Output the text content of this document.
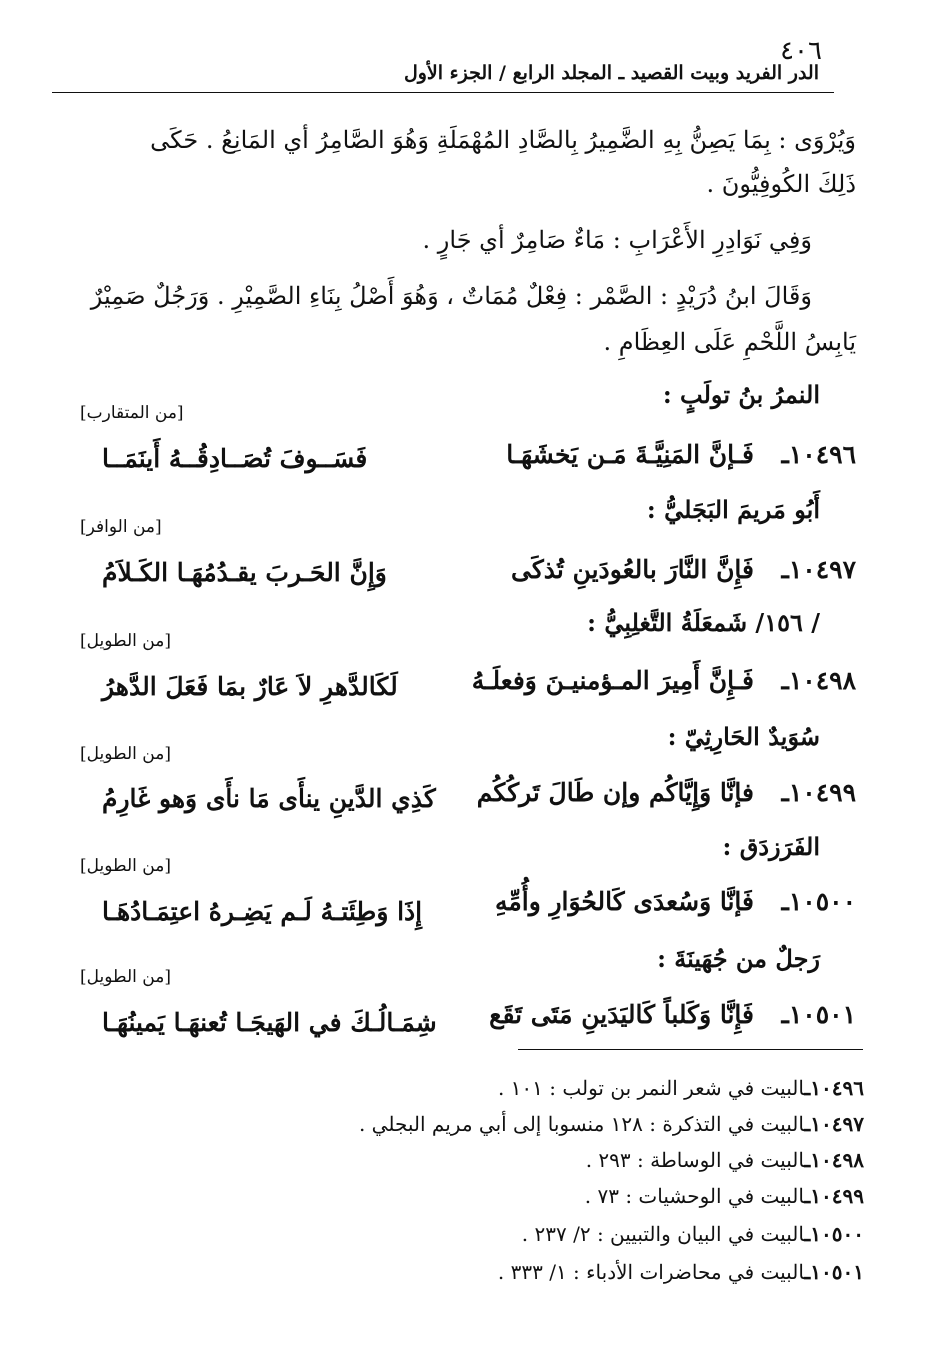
٤٠٦
الدر الفريد وبيت القصيد ـ المجلد الرابع / الجزء الأول
وَيُرْوَى : بِمَا يَصِنُّ بِهِ الضَّمِيرُ بِالصَّادِ المُهْمَلَةِ وَهُوَ الصَّامِرُ أي المَانِعُ . حَكَى
ذَلِكَ الكُوفِيُّونَ .
وَفِي نَوَادِرِ الأَعْرَابِ : مَاءٌ صَامِرٌ أي جَارٍ .
وَقَالَ ابنُ دُرَيْدٍ : الصَّمْر : فِعْلٌ مُمَاتٌ ، وَهُوَ أَصْلُ بِنَاءِ الصَّمِيْرِ . وَرَجُلٌ صَمِيْرٌ
يَابِسُ اللَّحْمِ عَلَى العِظَامِ .
النمرُ بنُ تولَبٍ :
[من المتقارب]
١٠٤٩٦ـ
فَـإنَّ المَنِيَّـةَ مَـن يَخشَهَـا
فَسَــوفَ تُصَــادِقُــهُ أَينَمَــا
أَبُو مَريمَ البَجَليُّ :
[من الوافر]
١٠٤٩٧ـ
فَإِنَّ النَّارَ بالعُودَينِ تُذكَى
وَإِنَّ الحَـربَ يقـدُمُهَـا الكَـلاَمُ
/ ١٥٦/ شَمعَلَةُ التَّغلِبِيُّ :
[من الطويل]
١٠٤٩٨ـ
فَـإِنَّ أَمِيرَ المـؤمنيـنَ وَفعلَـهُ
لَكَالدَّهرِ لاَ عَارٌ بمَا فَعَلَ الدَّهرُ
سُوَيدٌ الحَارِثِيّ :
[من الطويل]
١٠٤٩٩ـ
فإنَّا وَإِيَّاكُم وإن طَالَ تَركُكُم
كَذِي الدَّينِ ينأَى مَا نأَى وَهو غَارِمُ
الفَرَزدَق :
[من الطويل]
١٠٥٠٠ـ
فَإنَّا وَسُعدَى كَالحُوَارِ وأُمِّهِ
إِذَا وَطِئَتـهُ لَـم يَضِـرهُ اعتِمَـادُهَـا
رَجلٌ من جُهَينَةَ :
[من الطويل]
١٠٥٠١ـ
فَإِنَّا وَكَلباً كَاليَدَينِ مَتَى تَقَع
شِمَـالُـكَ في الهَيجَـا تُعنهَـا يَمينُهَـا
١٠٤٩٦ـالبيت في شعر النمر بن تولب : ١٠١ .
١٠٤٩٧ـالبيت في التذكرة : ١٢٨ منسوبا إلى أبي مريم البجلي .
١٠٤٩٨ـالبيت في الوساطة : ٢٩٣ .
١٠٤٩٩ـالبيت في الوحشيات : ٧٣ .
١٠٥٠٠ـالبيت في البيان والتبيين : ٢/ ٢٣٧ .
١٠٥٠١ـالبيت في محاضرات الأدباء : ١/ ٣٣٣ .
